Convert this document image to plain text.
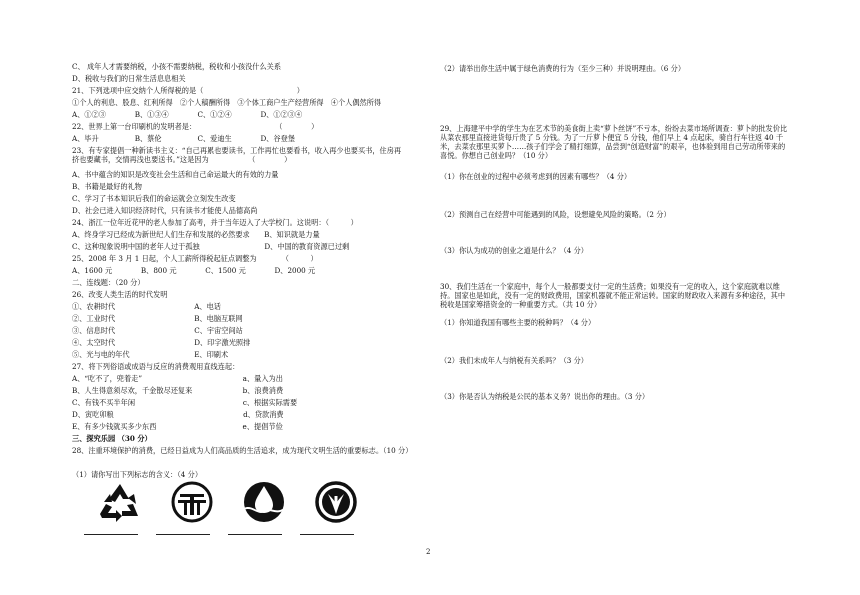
C、 成年人才需要纳税，小孩不需要纳税，税收和小孩没什么关系
D、税收与我们的日常生活息息相关
21、下列选项中应交纳个人所得税的是（　　　　　　　　　　　　　）
①个人的利息、股息、红利所得　②个人稿酬所得　③个体工商户生产经营所得　④个人偶然所得
A、①②③　　　　B、①③④　　　　C、①②④　　　　D、①②③④
22、世界上第一台印刷机的发明者是：　　　　　　　　　　　　（　　　　）
A、毕升　　　　　B、蔡伦　　　　　C、爱迪生　　　　D、谷登堡
23、有专家提倡一种新读书主义：“自己再累也要读书，工作再忙也要看书，收入再少也要买书，住房再挤也要藏书，交情再浅也要送书。”这是因为　　　　　　（　　　　）
A、书中蕴含的知识是改变社会生活和自己命运最大的有效的力量
B、书籍是最好的礼物
C、学习了书本知识后我们的命运就会立刻发生改变
D、社会已进入知识经济时代，只有读书才能使人品德高尚
24、浙江一位年近花甲的老人参加了高考，并于当年迈入了大学校门。这说明：（　　　）
A、终身学习已经成为新世纪人们生存和发展的必然要求　　B、知识就是力量
C、这种现象说明中国的老年人过于孤独　　　　　　　　　D、中国的教育资源已过剩
25、2008 年 3 月 1 日起，个人工薪所得税起征点调整为　　　　（　　　）
A、1600 元　　　　B、800 元　　　　C、1500 元　　　　D、2000 元
二、连线题：（20 分）
26、改变人类生活的时代发明
①、农耕时代　　　　　　　　　　　A、电话
②、工业时代　　　　　　　　　　　B、电脑互联网
③、信息时代　　　　　　　　　　　C、宇宙空间站
④、太空时代　　　　　　　　　　　D、印字激光照排
⑤、光与电的年代　　　　　　　　　E、印刷术
27、将下列俗语或成语与反应的消费观用直线连起：
A、“吃不了，兜着走”　　　　　　　　　　　　　　a、量入为出
B、人生得意须尽欢，千金散尽还复来　　　　　　　b、浪费消费
C、有钱不买半年闲　　　　　　　　　　　　　　　c、根据实际需要
D、寅吃卯粮　　　　　　　　　　　　　　　　　　d、贷款消费
E、有多少钱就买多少东西　　　　　　　　　　　　e、提倡节俭
三、探究乐园 （30 分）
28、注重环境保护的消费，已经日益成为人们高品质的生活追求，成为现代文明生活的重要标志。（10 分）
（1）请你写出下列标志的含义：（4 分）
（2）请举出你生活中属于绿色消费的行为（至少三种）并说明理由。（6 分）
29、上海建平中学的学生为在艺术节的美食街上卖“萝卜丝饼”不亏本，纷纷去菜市场所调查：萝卜的批发价比从菜农那里直接进货每斤贵了 5 分钱。为了一斤萝卜便宜 5 分钱，他们早上 4 点起床，骑自行车往返 40 千米，去菜农那里买萝卜……孩子们学会了精打细算，品尝到“创造财富”的艰辛，也体验到用自己劳动所带来的喜悦。你想自己创业吗？（10 分）
（1）你在创业的过程中必须考虑到的因素有哪些？（4 分）
（2）预测自己在经营中可能遇到的风险，设想避免风险的策略。（2 分）
（3）你认为成功的创业之道是什么？（4 分）
30、我们生活在一个家庭中，每个人一般都要支付一定的生活费；如果没有一定的收入，这个家庭就难以维持。国家也是如此，没有一定的财政费用，国家机器就不能正常运转。国家的财政收入来源有多种途径，其中税收是国家筹措资金的一种重要方式。（共 10 分）
（1）你知道我国有哪些主要的税种吗？（4 分）
（2）我们未成年人与纳税有关系吗？（3 分）
（3）你是否认为纳税是公民的基本义务？说出你的理由。（3 分）
2
